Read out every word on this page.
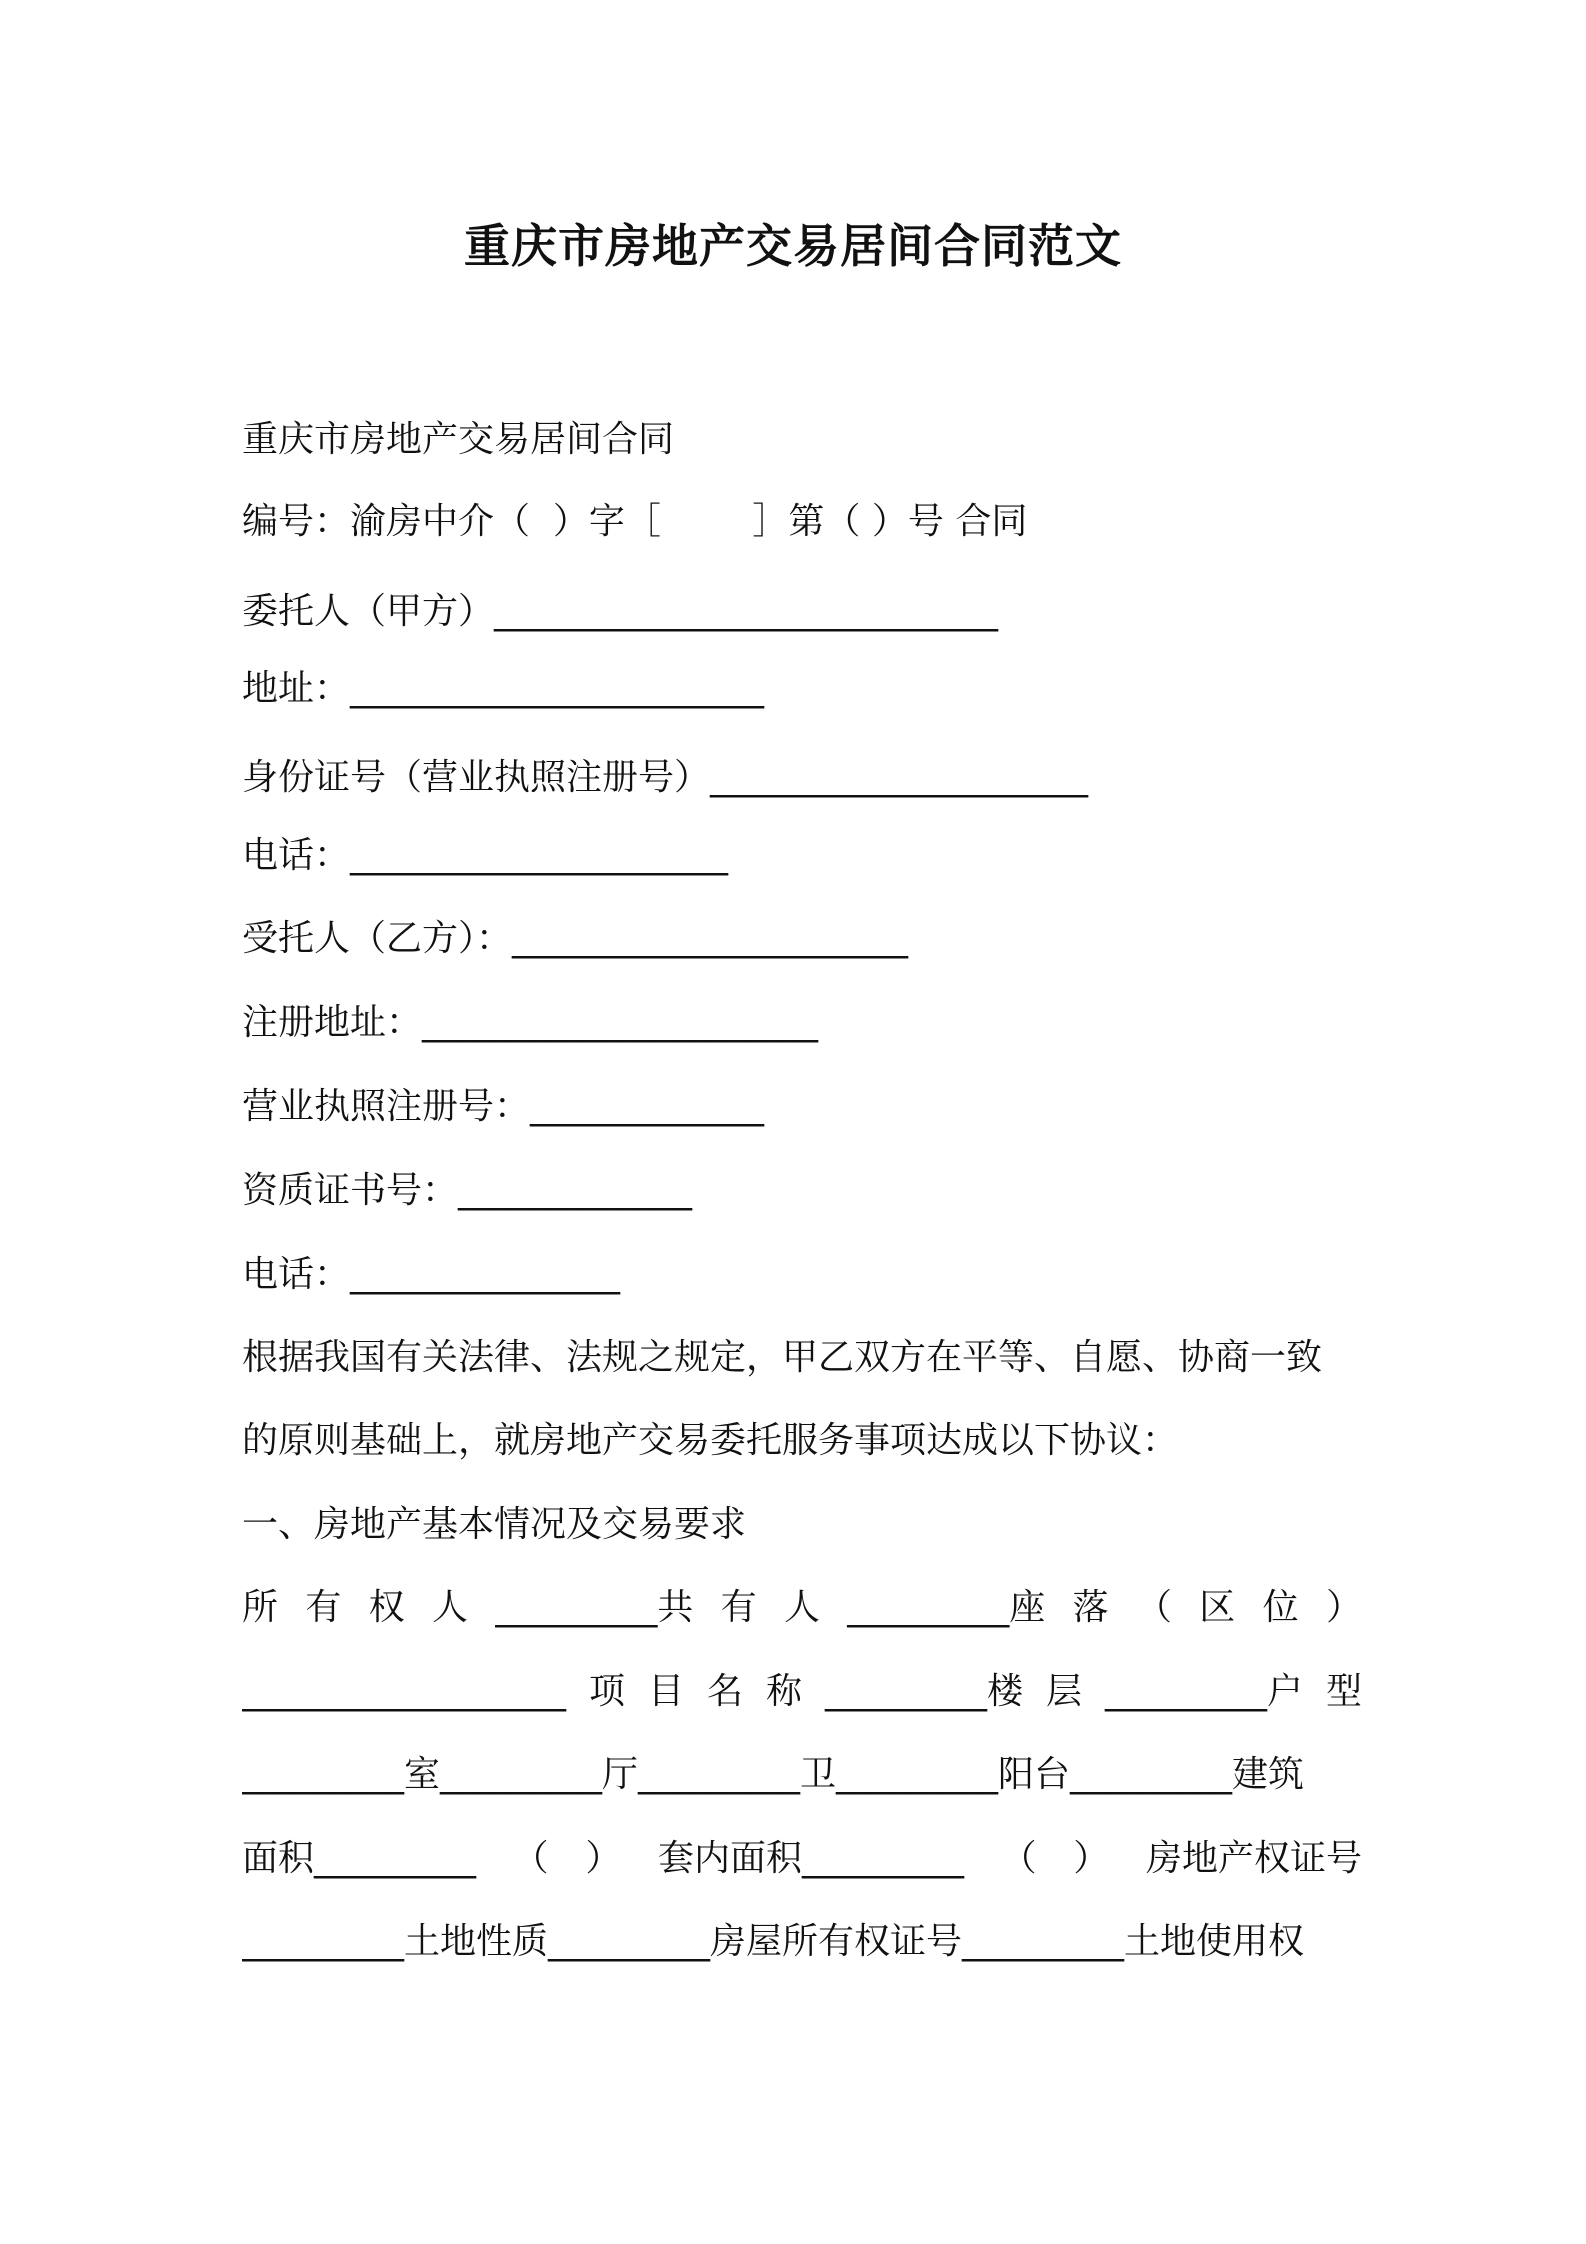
重庆市房地产交易居间合同范文
重庆市房地产交易居间合同
编号：渝房中介（  ）字［        ］第（ ）号 合同
委托人（甲方）____________________________
地址：_______________________
身份证号（营业执照注册号）_____________________
电话：_____________________
受托人（乙方）：______________________
注册地址：______________________
营业执照注册号：_____________
资质证书号：_____________
电话：_______________
根据我国有关法律、法规之规定，甲乙双方在平等、自愿、协商一致
的原则基础上，就房地产交易委托服务事项达成以下协议：
一、房地产基本情况及交易要求
所 有 权 人 _________共 有 人 _________座 落 （ 区 位 ）
__________________ 项 目 名 称 _________楼 层 _________户 型
_________室_________厅_________卫_________阳台_________建筑
面积_________ （ ） 套内面积_________ （ ） 房地产权证号
_________土地性质_________房屋所有权证号_________土地使用权
